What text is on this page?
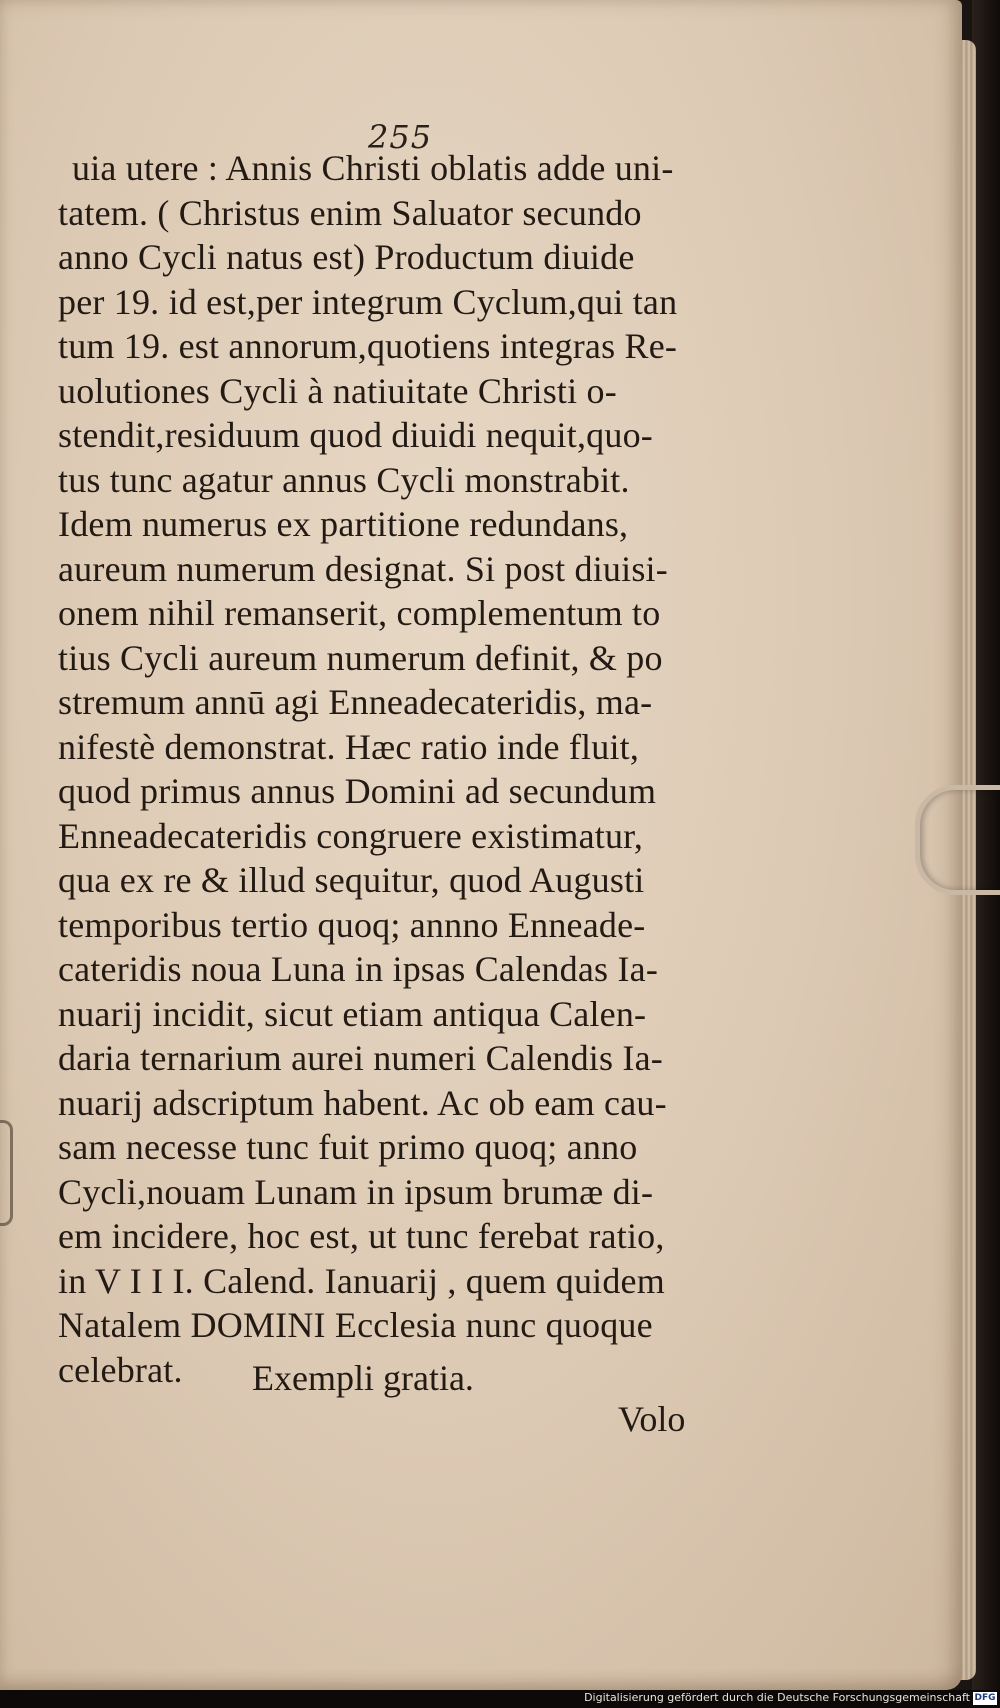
255
uia utere : Annis Christi oblatis adde uni-
tatem. ( Christus enim Saluator secundo
anno Cycli natus est) Productum diuide
per 19. id est,per integrum Cyclum,qui tan
tum 19. est annorum,quotiens integras Re-
uolutiones Cycli à natiuitate Christi o-
stendit,residuum quod diuidi nequit,quo-
tus tunc agatur annus Cycli monstrabit.
Idem numerus ex partitione redundans,
aureum numerum designat. Si post diuisi-
onem nihil remanserit, complementum to
tius Cycli aureum numerum definit, & po
stremum annū agi Enneadecateridis, ma-
nifestè demonstrat. Hæc ratio inde fluit,
quod primus annus Domini ad secundum
Enneadecateridis congruere existimatur,
qua ex re & illud sequitur, quod Augusti
temporibus tertio quoq; annno Enneade-
cateridis noua Luna in ipsas Calendas Ia-
nuarij incidit, sicut etiam antiqua Calen-
daria ternarium aurei numeri Calendis Ia-
nuarij adscriptum habent. Ac ob eam cau-
sam necesse tunc fuit primo quoq; anno
Cycli,nouam Lunam in ipsum brumæ di-
em incidere, hoc est, ut tunc ferebat ratio,
in V I I I. Calend. Ianuarij , quem quidem
Natalem DOMINI Ecclesia nunc quoque
celebrat.	Exempli gratia.
Volo
Digitalisierung gefördert durch die Deutsche Forschungsgemeinschaft DFG
